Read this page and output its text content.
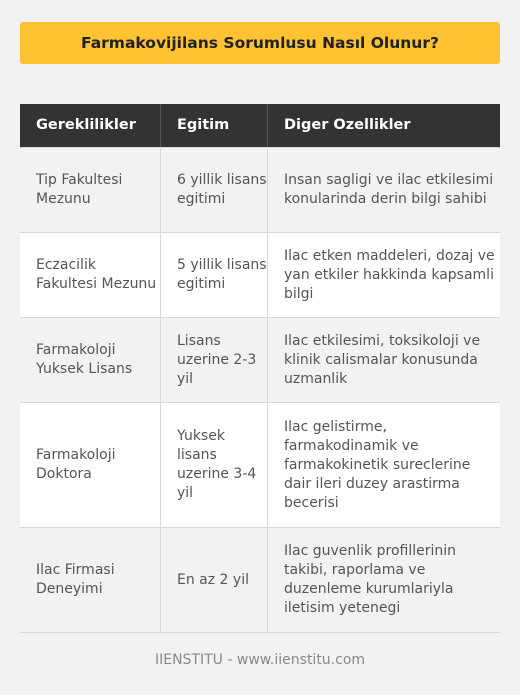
Farmakovijilans Sorumlusu Nasıl Olunur?
Gereklilikler	Egitim	Diger Ozellikler
Tip Fakultesi Mezunu	6 yillik lisans egitimi	Insan sagligi ve ilac etkilesimi konularinda derin bilgi sahibi
Eczacilik Fakultesi Mezunu	5 yillik lisans egitimi	Ilac etken maddeleri, dozaj ve yan etkiler hakkinda kapsamli bilgi
Farmakoloji Yuksek Lisans	Lisans uzerine 2-3 yil	Ilac etkilesimi, toksikoloji ve klinik calismalar konusunda uzmanlik
Farmakoloji Doktora	Yuksek lisans uzerine 3-4 yil	Ilac gelistirme, farmakodinamik ve farmakokinetik sureclerine dair ileri duzey arastirma becerisi
Ilac Firmasi Deneyimi	En az 2 yil	Ilac guvenlik profillerinin takibi, raporlama ve duzenleme kurumlariyla iletisim yetenegi
IIENSTITU - www.iienstitu.com
